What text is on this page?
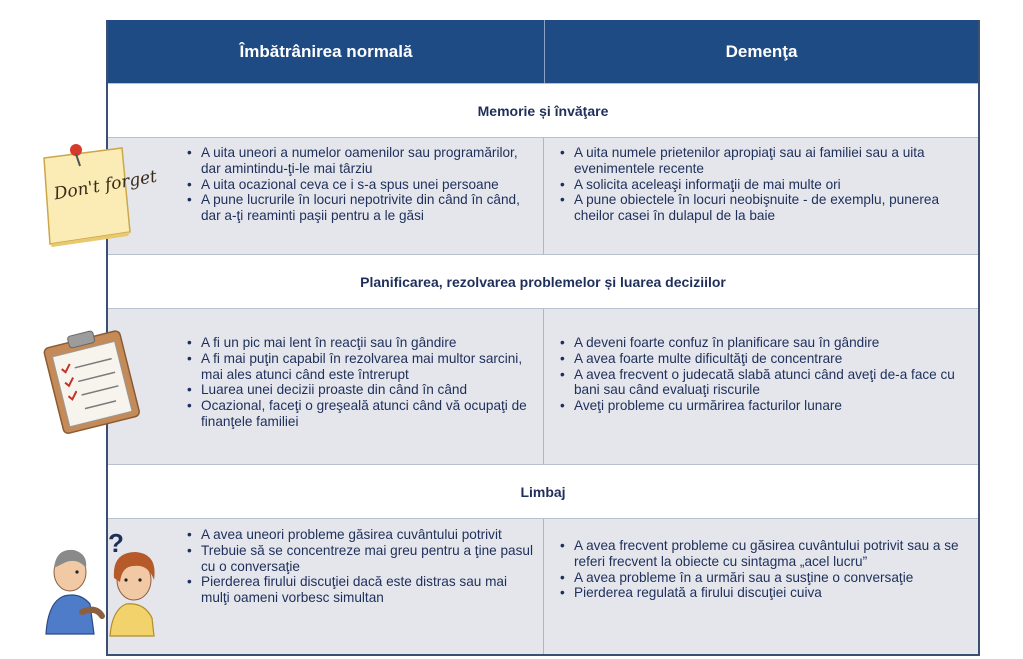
Îmbătrânirea normală	Demenţa
Memorie și învăţare
• A uita uneori a numelor oamenilor sau programărilor, dar amintindu-ţi-le mai târziu
• A uita ocazional ceva ce i s-a spus unei persoane
• A pune lucrurile în locuri nepotrivite din când în când, dar a-ţi reaminti paşii pentru a le găsi
• A uita numele prietenilor apropiaţi sau ai familiei sau a uita evenimentele recente
• A solicita aceleaşi informaţii de mai multe ori
• A pune obiectele în locuri neobişnuite - de exemplu, punerea cheilor casei în dulapul de la baie
Planificarea, rezolvarea problemelor și luarea deciziilor
• A fi un pic mai lent în reacţii sau în gândire
• A fi mai puţin capabil în rezolvarea mai multor sarcini, mai ales atunci când este întrerupt
• Luarea unei decizii proaste din când în când
• Ocazional, faceţi o greşeală atunci când vă ocupaţi de finanţele familiei
• A deveni foarte confuz în planificare sau în gândire
• A avea foarte multe dificultăţi de concentrare
• A avea frecvent o judecată slabă atunci când aveţi de-a face cu bani sau când evaluaţi riscurile
• Aveţi probleme cu urmărirea facturilor lunare
Limbaj
• A avea uneori probleme găsirea cuvântului potrivit
• Trebuie să se concentreze mai greu pentru a ţine pasul cu o conversaţie
• Pierderea firului discuţiei dacă este distras sau mai mulţi oameni vorbesc simultan
• A avea frecvent probleme cu găsirea cuvântului potrivit sau a se referi frecvent la obiecte cu sintagma „acel lucru”
• A avea probleme în a urmări sau a susţine o conversaţie
• Pierderea regulată a firului discuţiei cuiva
Don't forget
?
